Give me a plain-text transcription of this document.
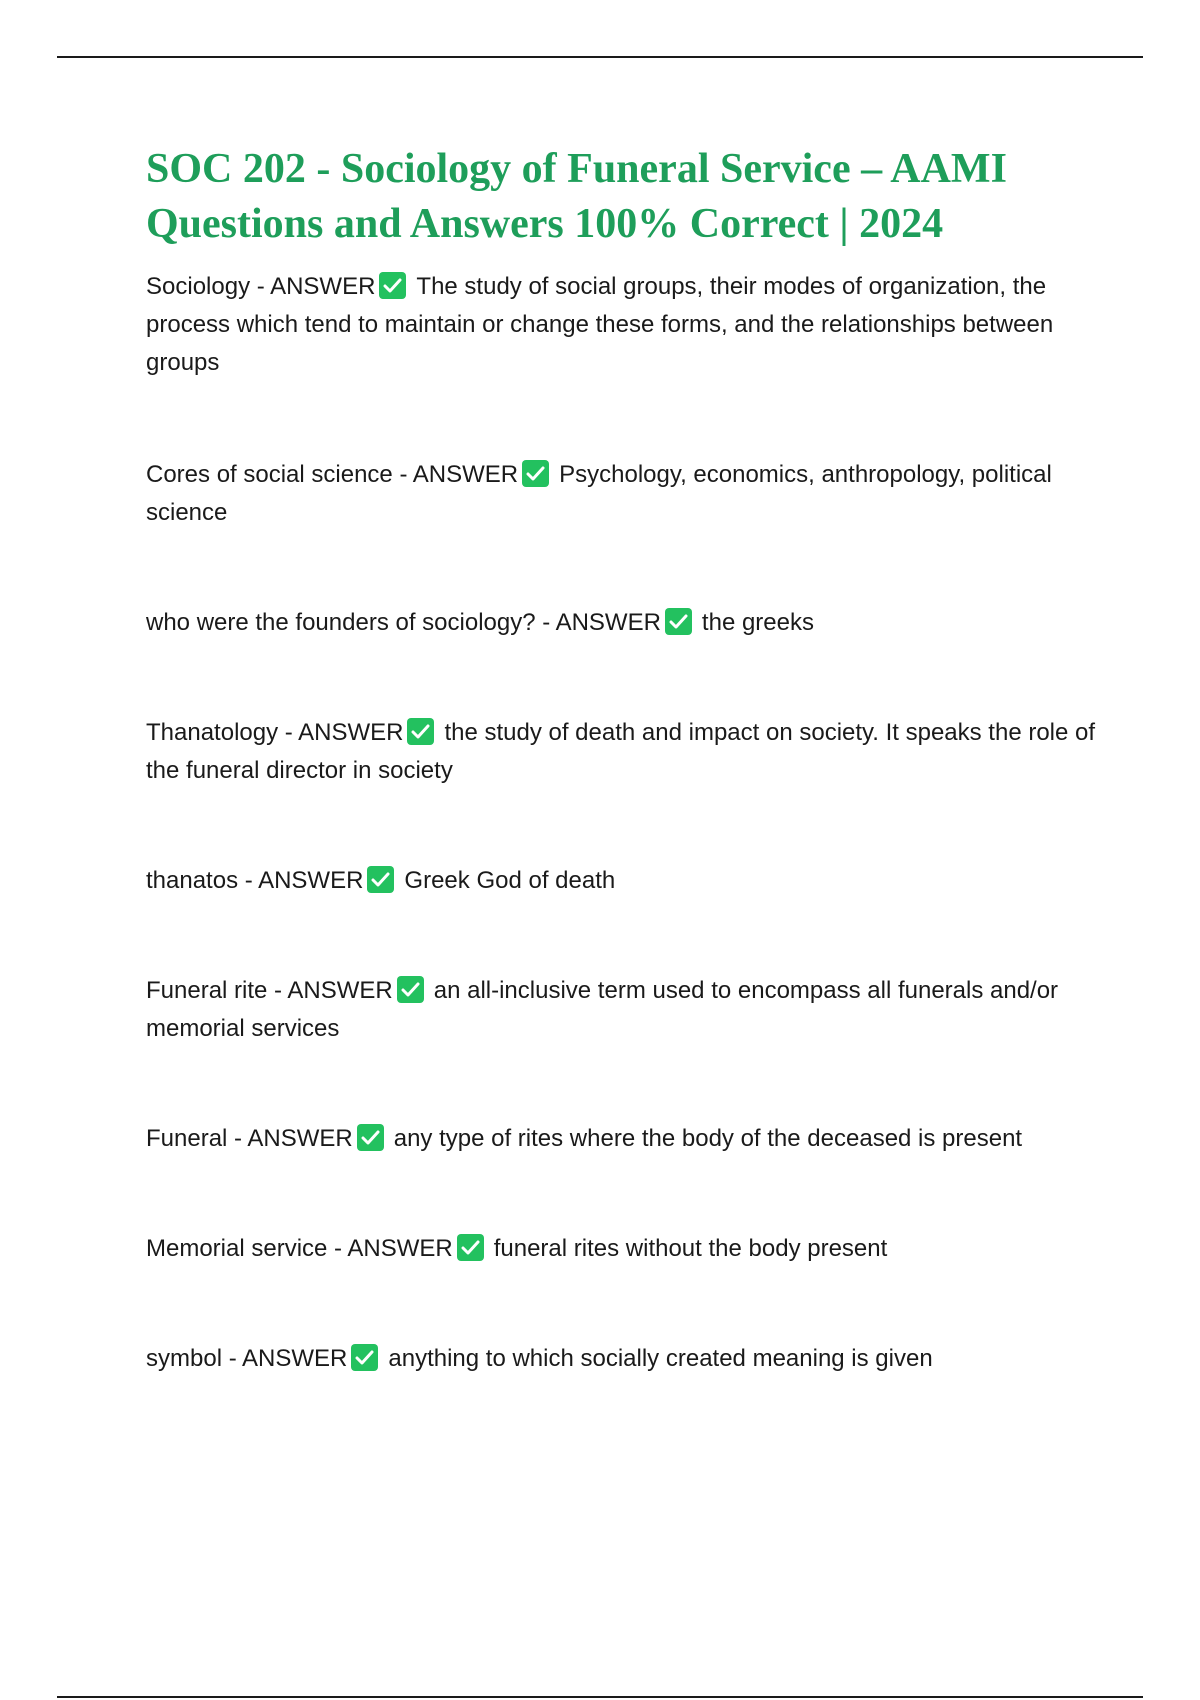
SOC 202 - Sociology of Funeral Service – AAMI Questions and Answers 100% Correct | 2024

Sociology - ANSWER The study of social groups, their modes of organization, the process which tend to maintain or change these forms, and the relationships between groups

Cores of social science - ANSWER Psychology, economics, anthropology, political science

who were the founders of sociology? - ANSWER the greeks

Thanatology - ANSWER the study of death and impact on society. It speaks the role of the funeral director in society

thanatos - ANSWER Greek God of death

Funeral rite - ANSWER an all-inclusive term used to encompass all funerals and/or memorial services

Funeral - ANSWER any type of rites where the body of the deceased is present

Memorial service - ANSWER funeral rites without the body present

symbol - ANSWER anything to which socially created meaning is given
